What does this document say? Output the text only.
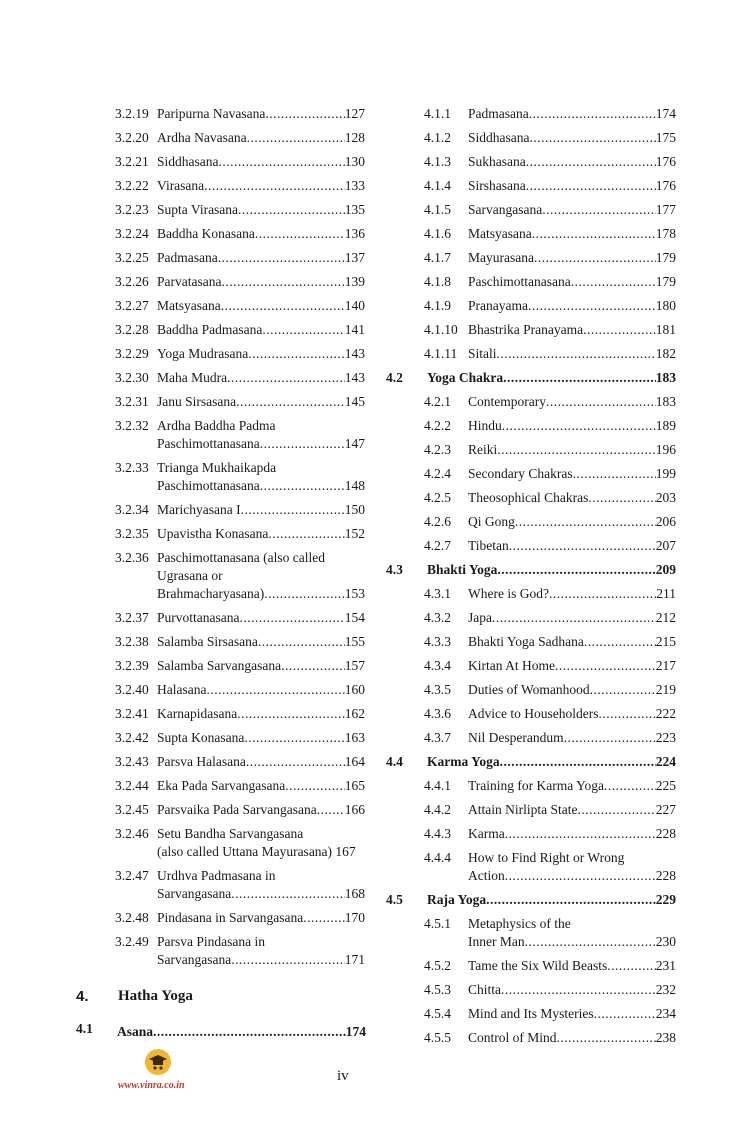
3.2.19 Paripurna Navasana .....	127
3.2.20 Ardha Navasana .....	128
3.2.21 Siddhasana .....	130
3.2.22 Virasana .....	133
3.2.23 Supta Virasana .....	135
3.2.24 Baddha Konasana .....	136
3.2.25 Padmasana .....	137
3.2.26 Parvatasana .....	139
3.2.27 Matsyasana .....	140
3.2.28 Baddha Padmasana .....	141
3.2.29 Yoga Mudrasana .....	143
3.2.30 Maha Mudra .....	143
3.2.31 Janu Sirsasana .....	145
3.2.32 Ardha Baddha Padma
Paschimottanasana .....	147
3.2.33 Trianga Mukhaikapda
Paschimottanasana .....	148
3.2.34 Marichyasana I .....	150
3.2.35 Upavistha Konasana .....	152
3.2.36 Paschimottanasana (also called
Ugrasana or
Brahmacharyasana) .....	153
3.2.37 Purvottanasana .....	154
3.2.38 Salamba Sirsasana .....	155
3.2.39 Salamba Sarvangasana .....	157
3.2.40 Halasana .....	160
3.2.41 Karnapidasana .....	162
3.2.42 Supta Konasana .....	163
3.2.43 Parsva Halasana .....	164
3.2.44 Eka Pada Sarvangasana .....	165
3.2.45 Parsvaika Pada Sarvangasana ..... 166
3.2.46 Setu Bandha Sarvangasana
(also called Uttana Mayurasana)
167
3.2.47 Urdhva Padmasana in
Sarvangasana .....	168
3.2.48 Pindasana in Sarvangasana .....	170
3.2.49 Parsva Pindasana in
Sarvangasana .....	171
4.1.1 Padmasana .....	174
4.1.2 Siddhasana .....	175
4.1.3 Sukhasana .....	176
4.1.4 Sirshasana .....	176
4.1.5 Sarvangasana .....	177
4.1.6 Matsyasana .....	178
4.1.7 Mayurasana .....	179
4.1.8 Paschimottanasana .....	179
4.1.9 Pranayama .....	180
4.1.10 Bhastrika Pranayama .....	181
4.1.11 Sitali .....	182
4.2 Yoga Chakra .....	183
4.2.1 Contemporary .....	183
4.2.2 Hindu .....	189
4.2.3 Reiki .....	196
4.2.4 Secondary Chakras .....	199
4.2.5 Theosophical Chakras .....	203
4.2.6 Qi Gong .....	206
4.2.7 Tibetan .....	207
4.3 Bhakti Yoga .....	209
4.3.1 Where is God? .....	211
4.3.2 Japa .....	212
4.3.3 Bhakti Yoga Sadhana .....	215
4.3.4 Kirtan At Home .....	217
4.3.5 Duties of Womanhood .....	219
4.3.6 Advice to Householders .....	222
4.3.7 Nil Desperandum .....	223
4.4 Karma Yoga .....	224
4.4.1 Training for Karma Yoga .....	225
4.4.2 Attain Nirlipta State .....	227
4.4.3 Karma .....	228
4.4.4 How to Find Right or Wrong
Action .....	228
4.5 Raja Yoga .....	229
4.5.1 Metaphysics of the
Inner Man .....	230
4.5.2 Tame the Six Wild Beasts .....	231
4.5.3 Chitta .....	232
4.5.4 Mind and Its Mysteries .....	234
4.5.5 Control of Mind .....	238
4. Hatha Yoga
4.1 Asana .....	174
www.vinra.co.in
iv
